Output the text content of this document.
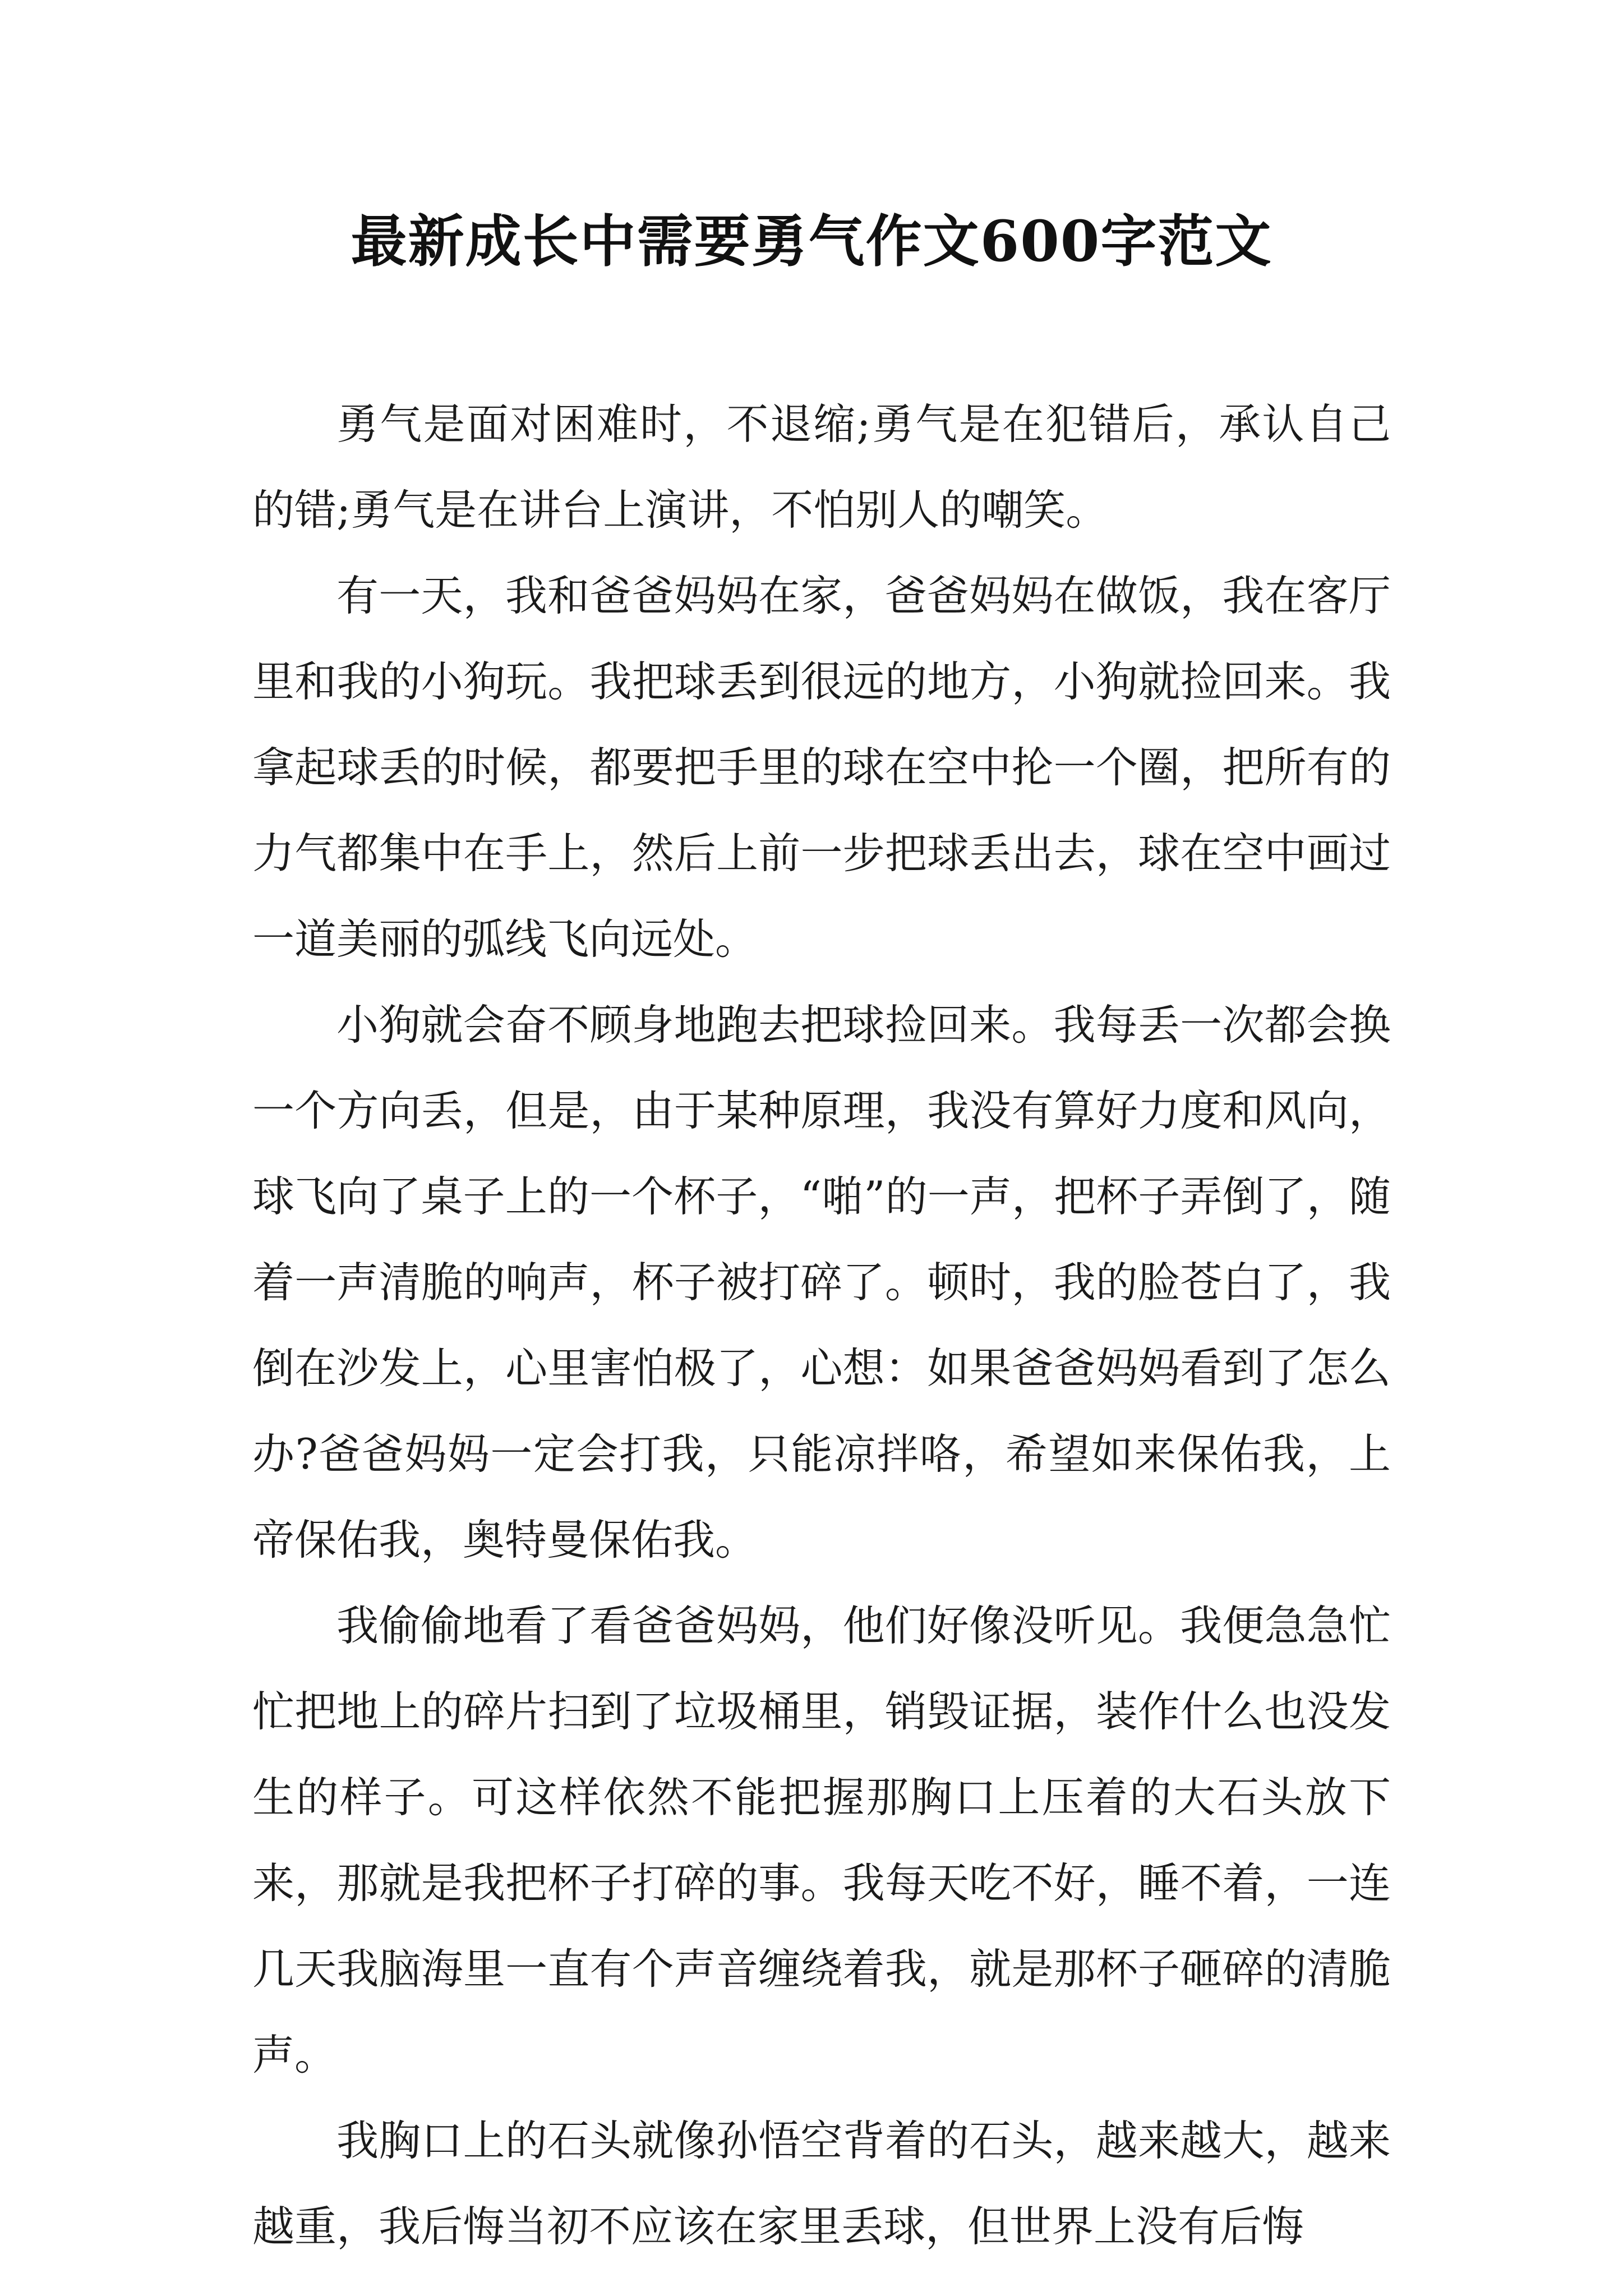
最新成长中需要勇气作文600字范文

勇气是面对困难时，不退缩;勇气是在犯错后，承认自己的错;勇气是在讲台上演讲，不怕别人的嘲笑。

有一天，我和爸爸妈妈在家，爸爸妈妈在做饭，我在客厅里和我的小狗玩。我把球丢到很远的地方，小狗就捡回来。我拿起球丢的时候，都要把手里的球在空中抡一个圈，把所有的力气都集中在手上，然后上前一步把球丢出去，球在空中画过一道美丽的弧线飞向远处。

小狗就会奋不顾身地跑去把球捡回来。我每丢一次都会换一个方向丢，但是，由于某种原理，我没有算好力度和风向，球飞向了桌子上的一个杯子，“啪”的一声，把杯子弄倒了，随着一声清脆的响声，杯子被打碎了。顿时，我的脸苍白了，我倒在沙发上，心里害怕极了，心想：如果爸爸妈妈看到了怎么办?爸爸妈妈一定会打我，只能凉拌咯，希望如来保佑我，上帝保佑我，奥特曼保佑我。

我偷偷地看了看爸爸妈妈，他们好像没听见。我便急急忙忙把地上的碎片扫到了垃圾桶里，销毁证据，装作什么也没发生的样子。可这样依然不能把握那胸口上压着的大石头放下来，那就是我把杯子打碎的事。我每天吃不好，睡不着，一连几天我脑海里一直有个声音缠绕着我，就是那杯子砸碎的清脆声。

我胸口上的石头就像孙悟空背着的石头，越来越大，越来越重，我后悔当初不应该在家里丢球，但世界上没有后悔
